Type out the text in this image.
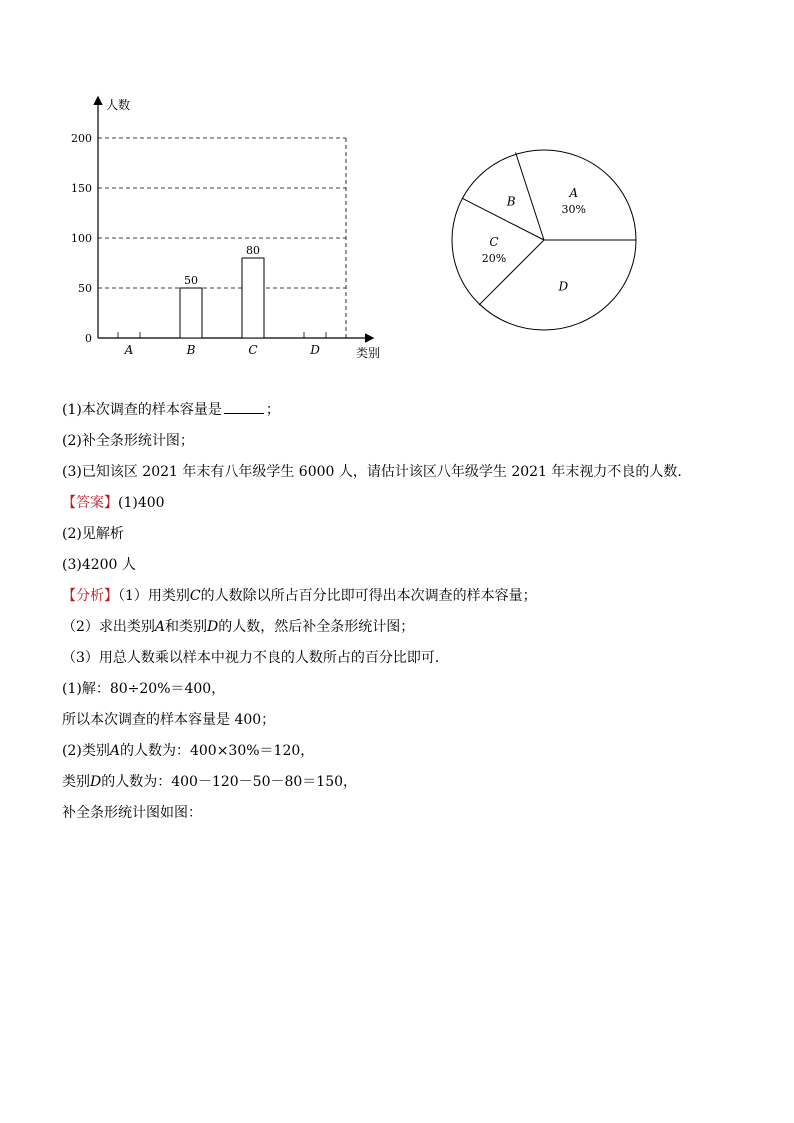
人数
类别
0
50
100
150
200
A	B	C	D
50
80
A
30%
B
C
20%
D
(1)本次调查的样本容量是	；
(2)补全条形统计图；
(3)已知该区 2021 年末有八年级学生 6000 人，请估计该区八年级学生 2021 年末视力不良的人数．
【答案】(1)400
(2)见解析
(3)4200 人
【分析】（1）用类别C的人数除以所占百分比即可得出本次调查的样本容量；
（2）求出类别A和类别D的人数，然后补全条形统计图；
（3）用总人数乘以样本中视力不良的人数所占的百分比即可．
(1)解：80÷20%＝400，
所以本次调查的样本容量是 400；
(2)类别A的人数为：400×30%＝120，
类别D的人数为：400－120－50－80＝150，
补全条形统计图如图：
